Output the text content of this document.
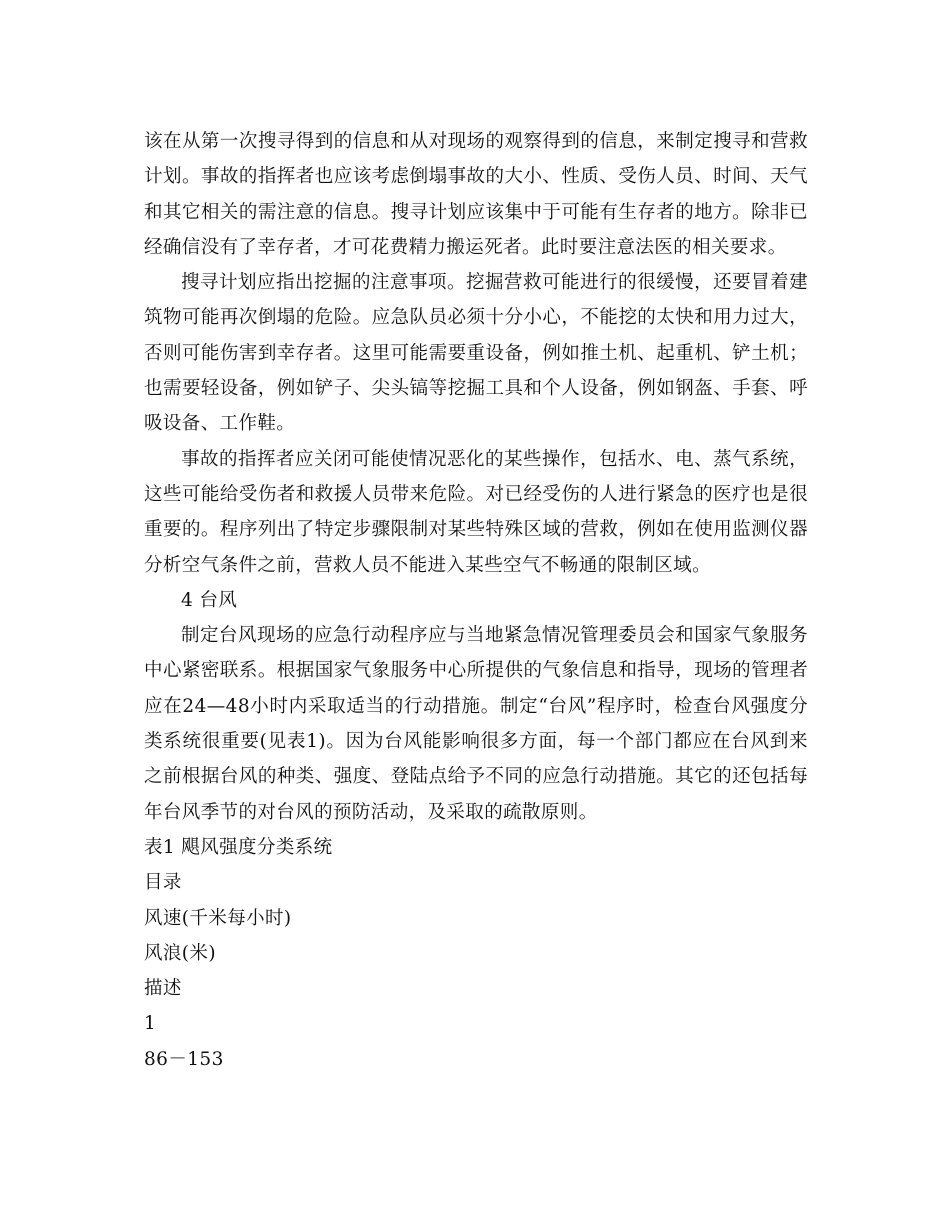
该在从第一次搜寻得到的信息和从对现场的观察得到的信息，来制定搜寻和营救计划。事故的指挥者也应该考虑倒塌事故的大小、性质、受伤人员、时间、天气和其它相关的需注意的信息。搜寻计划应该集中于可能有生存者的地方。除非已经确信没有了幸存者，才可花费精力搬运死者。此时要注意法医的相关要求。

搜寻计划应指出挖掘的注意事项。挖掘营救可能进行的很缓慢，还要冒着建筑物可能再次倒塌的危险。应急队员必须十分小心，不能挖的太快和用力过大，否则可能伤害到幸存者。这里可能需要重设备，例如推土机、起重机、铲土机；也需要轻设备，例如铲子、尖头镐等挖掘工具和个人设备，例如钢盔、手套、呼吸设备、工作鞋。

事故的指挥者应关闭可能使情况恶化的某些操作，包括水、电、蒸气系统，这些可能给受伤者和救援人员带来危险。对已经受伤的人进行紧急的医疗也是很重要的。程序列出了特定步骤限制对某些特殊区域的营救，例如在使用监测仪器分析空气条件之前，营救人员不能进入某些空气不畅通的限制区域。

4 台风

制定台风现场的应急行动程序应与当地紧急情况管理委员会和国家气象服务中心紧密联系。根据国家气象服务中心所提供的气象信息和指导，现场的管理者应在24—48小时内采取适当的行动措施。制定“台风”程序时，检查台风强度分类系统很重要(见表1)。因为台风能影响很多方面，每一个部门都应在台风到来之前根据台风的种类、强度、登陆点给予不同的应急行动措施。其它的还包括每年台风季节的对台风的预防活动，及采取的疏散原则。

表1 飓风强度分类系统

目录

风速(千米每小时)

风浪(米)

描述

1

86－153
